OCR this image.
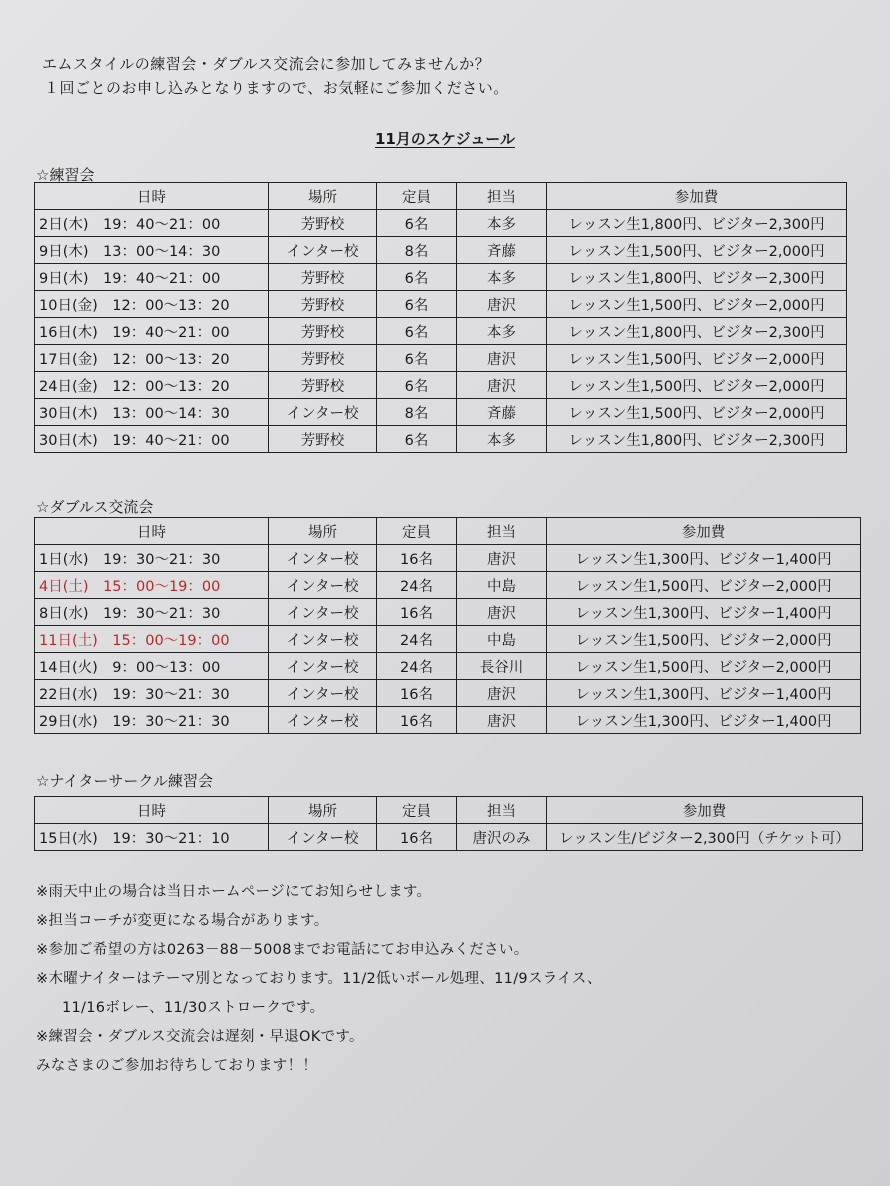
エムスタイルの練習会・ダブルス交流会に参加してみませんか？
１回ごとのお申し込みとなりますので、お気軽にご参加ください。
11月のスケジュール
☆練習会
日時	場所	定員	担当	参加費
2日(木)　19：40～21：00	芳野校	6名	本多	レッスン生1,800円、ビジター2,300円
9日(木)　13：00～14：30	インター校	8名	斉藤	レッスン生1,500円、ビジター2,000円
9日(木)　19：40～21：00	芳野校	6名	本多	レッスン生1,800円、ビジター2,300円
10日(金)　12：00～13：20	芳野校	6名	唐沢	レッスン生1,500円、ビジター2,000円
16日(木)　19：40～21：00	芳野校	6名	本多	レッスン生1,800円、ビジター2,300円
17日(金)　12：00～13：20	芳野校	6名	唐沢	レッスン生1,500円、ビジター2,000円
24日(金)　12：00～13：20	芳野校	6名	唐沢	レッスン生1,500円、ビジター2,000円
30日(木)　13：00～14：30	インター校	8名	斉藤	レッスン生1,500円、ビジター2,000円
30日(木)　19：40～21：00	芳野校	6名	本多	レッスン生1,800円、ビジター2,300円
☆ダブルス交流会
日時	場所	定員	担当	参加費
1日(水)　19：30～21：30	インター校	16名	唐沢	レッスン生1,300円、ビジター1,400円
4日(土)　15：00～19：00	インター校	24名	中島	レッスン生1,500円、ビジター2,000円
8日(水)　19：30～21：30	インター校	16名	唐沢	レッスン生1,300円、ビジター1,400円
11日(土)　15：00～19：00	インター校	24名	中島	レッスン生1,500円、ビジター2,000円
14日(火)　9：00～13：00	インター校	24名	長谷川	レッスン生1,500円、ビジター2,000円
22日(水)　19：30～21：30	インター校	16名	唐沢	レッスン生1,300円、ビジター1,400円
29日(水)　19：30～21：30	インター校	16名	唐沢	レッスン生1,300円、ビジター1,400円
☆ナイターサークル練習会
日時	場所	定員	担当	参加費
15日(水)　19：30～21：10	インター校	16名	唐沢のみ	レッスン生/ビジター2,300円（チケット可）
※雨天中止の場合は当日ホームページにてお知らせします。
※担当コーチが変更になる場合があります。
※参加ご希望の方は0263－88－5008までお電話にてお申込みください。
※木曜ナイターはテーマ別となっております。11/2低いボール処理、11/9スライス、
11/16ボレー、11/30ストロークです。
※練習会・ダブルス交流会は遅刻・早退OKです。
みなさまのご参加お待ちしております！！
